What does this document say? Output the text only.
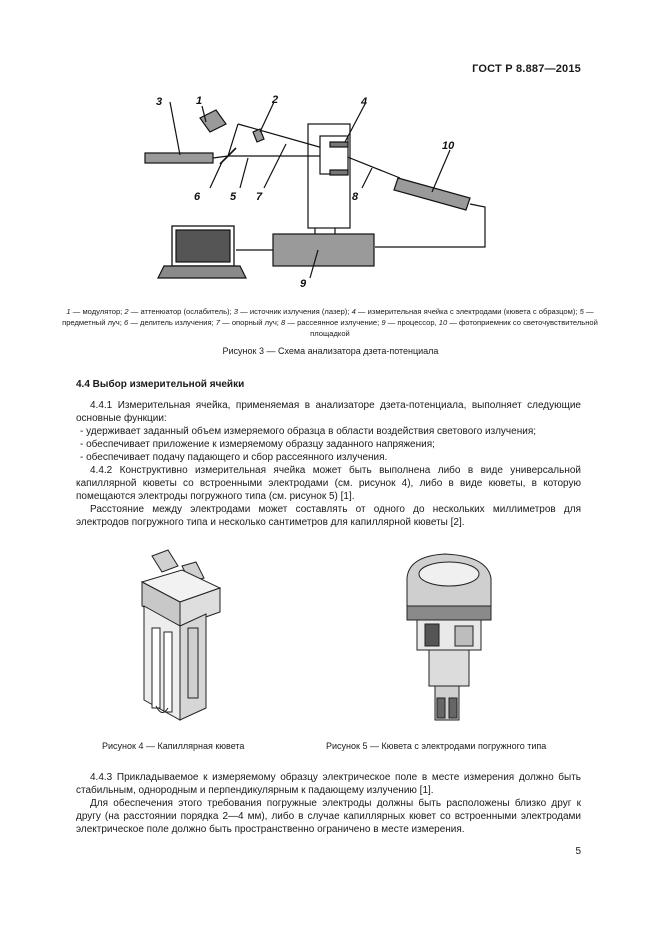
ГОСТ Р 8.887—2015
1	2
3	4
5
6	7	8
9
10
1 — модулятор; 2 — аттенюатор (ослабитель); 3 — источник излучения (лазер); 4 — измерительная ячейка с электродами (кювета с образцом); 5 — предметный луч; 6 — делитель излучения; 7 — опорный луч; 8 — рассеянное излучение; 9 — процессор, 10 — фотоприемник со светочувствительной площадкой
Рисунок 3 — Схема анализатора дзета-потенциала
4.4 Выбор измерительной ячейки
4.4.1 Измерительная ячейка, применяемая в анализаторе дзета-потенциала, выполняет следующие основные функции:
- удерживает заданный объем измеряемого образца в области воздействия светового излучения;
- обеспечивает приложение к измеряемому образцу заданного напряжения;
- обеспечивает подачу падающего и сбор рассеянного излучения.
4.4.2 Конструктивно измерительная ячейка может быть выполнена либо в виде универсальной капиллярной кюветы со встроенными электродами (см. рисунок 4), либо в виде кюветы, в которую помещаются электроды погружного типа (см. рисунок 5) [1].
Расстояние между электродами может составлять от одного до нескольких миллиметров для электродов погружного типа и несколько сантиметров для капиллярной кюветы [2].
Рисунок 4 — Капиллярная кювета	Рисунок 5 — Кювета с электродами погружного типа
4.4.3 Прикладываемое к измеряемому образцу электрическое поле в месте измерения должно быть стабильным, однородным и перпендикулярным к падающему излучению [1].
Для обеспечения этого требования погружные электроды должны быть расположены близко друг к другу (на расстоянии порядка 2—4 мм), либо в случае капиллярных кювет со встроенными электродами электрическое поле должно быть пространственно ограничено в месте измерения.
5
